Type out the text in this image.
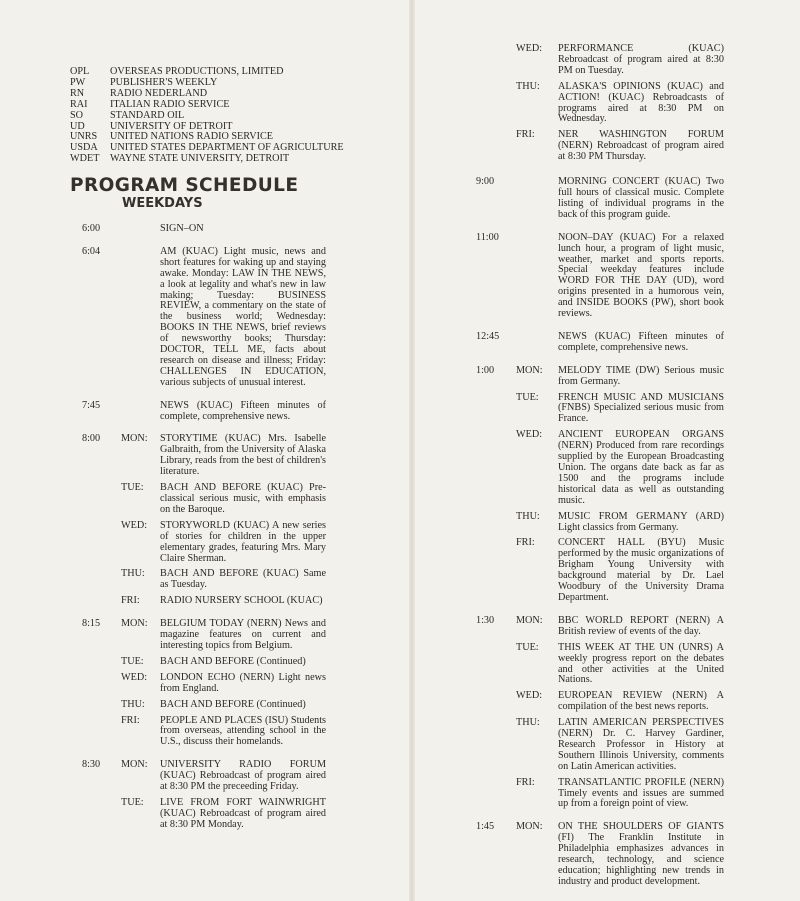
OPL	OVERSEAS PRODUCTIONS, LIMITED
PW	PUBLISHER'S WEEKLY
RN	RADIO NEDERLAND
RAI	ITALIAN RADIO SERVICE
SO	STANDARD OIL
UD	UNIVERSITY OF DETROIT
UNRS	UNITED NATIONS RADIO SERVICE
USDA	UNITED STATES DEPARTMENT OF AGRICULTURE
WDET	WAYNE STATE UNIVERSITY, DETROIT
PROGRAM SCHEDULE
WEEKDAYS
6:00	SIGN–ON
6:04	AM (KUAC) Light music, news and short features for waking up and staying awake. Monday: LAW IN THE NEWS, a look at legality and what's new in law making; Tuesday: BUSINESS REVIEW, a commentary on the state of the business world; Wednesday: BOOKS IN THE NEWS, brief reviews of newsworthy books; Thursday: DOCTOR, TELL ME, facts about research on disease and illness; Friday: CHALLENGES IN EDUCATION, various subjects of unusual interest.
7:45	NEWS (KUAC) Fifteen minutes of complete, comprehensive news.
8:00 MON: STORYTIME (KUAC) Mrs. Isabelle Galbraith, from the University of Alaska Library, reads from the best of children's literature.
TUE: BACH AND BEFORE (KUAC) Pre-classical serious music, with emphasis on the Baroque.
WED: STORYWORLD (KUAC) A new series of stories for children in the upper elementary grades, featuring Mrs. Mary Claire Sherman.
THU: BACH AND BEFORE (KUAC) Same as Tuesday.
FRI: RADIO NURSERY SCHOOL (KUAC)
8:15 MON: BELGIUM TODAY (NERN) News and magazine features on current and interesting topics from Belgium.
TUE: BACH AND BEFORE (Continued)
WED: LONDON ECHO (NERN) Light news from England.
THU: BACH AND BEFORE (Continued)
FRI: PEOPLE AND PLACES (ISU) Students from overseas, attending school in the U.S., discuss their homelands.
8:30 MON: UNIVERSITY RADIO FORUM (KUAC) Rebroadcast of program aired at 8:30 PM the preceeding Friday.
TUE: LIVE FROM FORT WAINWRIGHT (KUAC) Rebroadcast of program aired at 8:30 PM Monday.
WED: PERFORMANCE (KUAC) Rebroadcast of program aired at 8:30 PM on Tuesday.
THU: ALASKA'S OPINIONS (KUAC) and ACTION! (KUAC) Rebroadcasts of programs aired at 8:30 PM on Wednesday.
FRI: NER WASHINGTON FORUM (NERN) Rebroadcast of program aired at 8:30 PM Thursday.
9:00	MORNING CONCERT (KUAC) Two full hours of classical music. Complete listing of individual programs in the back of this program guide.
11:00	NOON–DAY (KUAC) For a relaxed lunch hour, a program of light music, weather, market and sports reports. Special weekday features include WORD FOR THE DAY (UD), word origins presented in a humorous vein, and INSIDE BOOKS (PW), short book reviews.
12:45	NEWS (KUAC) Fifteen minutes of complete, comprehensive news.
1:00 MON: MELODY TIME (DW) Serious music from Germany.
TUE: FRENCH MUSIC AND MUSICIANS (FNBS) Specialized serious music from France.
WED: ANCIENT EUROPEAN ORGANS (NERN) Produced from rare recordings supplied by the European Broadcasting Union. The organs date back as far as 1500 and the programs include historical data as well as outstanding music.
THU: MUSIC FROM GERMANY (ARD) Light classics from Germany.
FRI: CONCERT HALL (BYU) Music performed by the music organizations of Brigham Young University with background material by Dr. Lael Woodbury of the University Drama Department.
1:30 MON: BBC WORLD REPORT (NERN) A British review of events of the day.
TUE: THIS WEEK AT THE UN (UNRS) A weekly progress report on the debates and other activities at the United Nations.
WED: EUROPEAN REVIEW (NERN) A compilation of the best news reports.
THU: LATIN AMERICAN PERSPECTIVES (NERN) Dr. C. Harvey Gardiner, Research Professor in History at Southern Illinois University, comments on Latin American activities.
FRI: TRANSATLANTIC PROFILE (NERN) Timely events and issues are summed up from a foreign point of view.
1:45 MON: ON THE SHOULDERS OF GIANTS (FI) The Franklin Institute in Philadelphia emphasizes advances in research, technology, and science education; highlighting new trends in industry and product development.
